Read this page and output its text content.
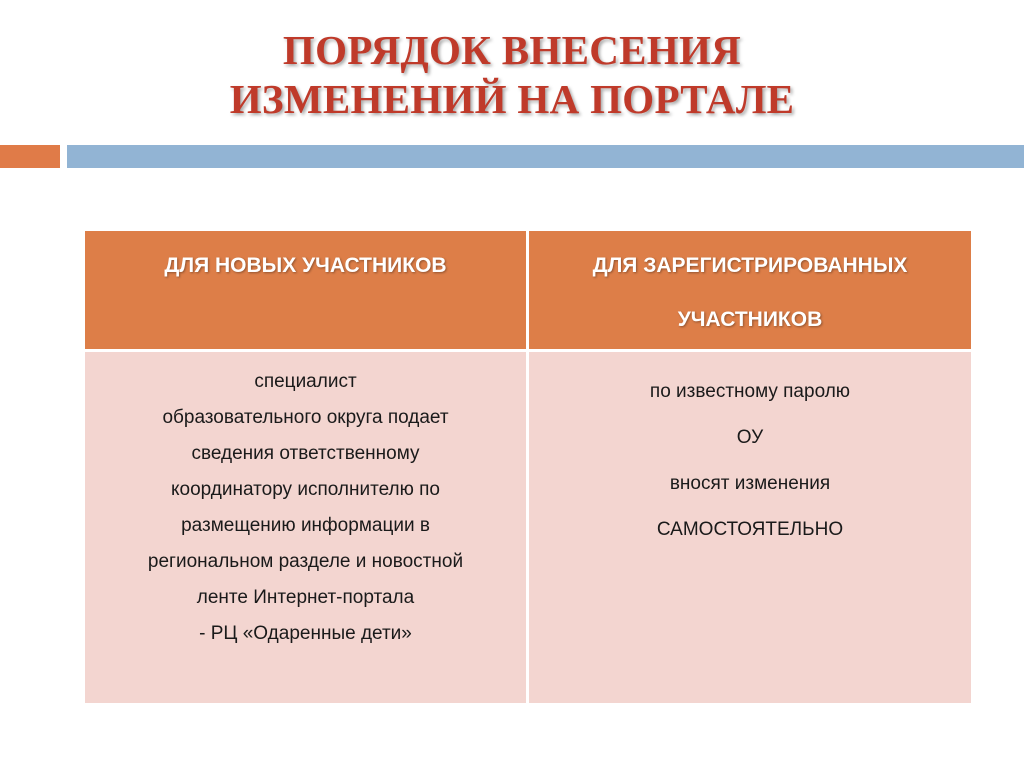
ПОРЯДОК ВНЕСЕНИЯ
ИЗМЕНЕНИЙ НА ПОРТАЛЕ
ДЛЯ НОВЫХ УЧАСТНИКОВ	ДЛЯ ЗАРЕГИСТРИРОВАННЫХ
УЧАСТНИКОВ
специалист
образовательного округа подает
сведения ответственному
координатору исполнителю по
размещению информации в
региональном разделе и новостной
ленте Интернет-портала
- РЦ «Одаренные дети»
по известному паролю
ОУ
вносят изменения
САМОСТОЯТЕЛЬНО
